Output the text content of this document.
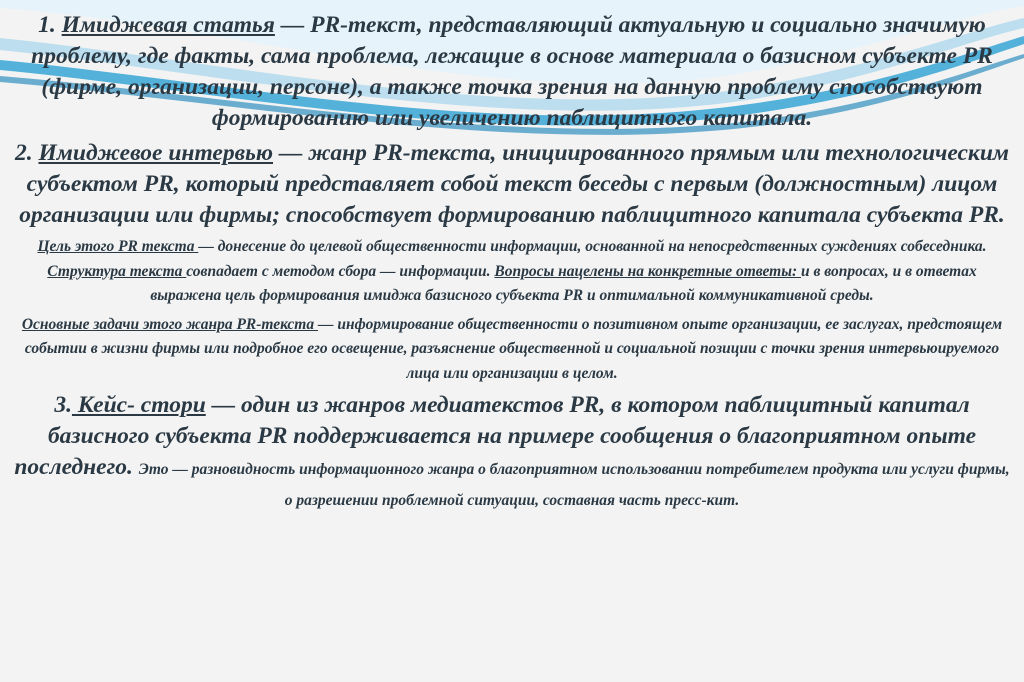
1. Имиджевая статья — PR-текст, представляющий актуальную и социально значимую проблему, где факты, сама проблема, лежащие в основе материала о базисном субъекте PR (фирме, организации, персоне), а также точка зрения на данную проблему способствуют формированию или увеличению паблицитного капитала.

2. Имиджевое интервью — жанр PR-текста, инициированного прямым или технологическим субъектом PR, который представляет собой текст беседы с первым (должностным) лицом организации или фирмы; способствует формированию паблицитного капитала субъекта PR.

Цель этого PR текста — донесение до целевой общественности информации, основанной на непосредственных суждениях собеседника. Структура текста совпадает с методом сбора — информации. Вопросы нацелены на конкретные ответы: и в вопросах, и в ответах выражена цель формирования имиджа базисного субъекта PR и оптимальной коммуникативной среды.

Основные задачи этого жанра PR-текста — информирование общественности о позитивном опыте организации, ее заслугах, предстоящем событии в жизни фирмы или подробное его освещение, разъяснение общественной и социальной позиции с точки зрения интервьюируемого лица или организации в целом.

3. Кейс- стори — один из жанров медиатекстов PR, в котором паблицитный капитал базисного субъекта PR поддерживается на примере сообщения о благоприятном опыте последнего. Это — разновидность информационного жанра о благоприятном использовании потребителем продукта или услуги фирмы, о разрешении проблемной ситуации, составная часть пресс-кит.
